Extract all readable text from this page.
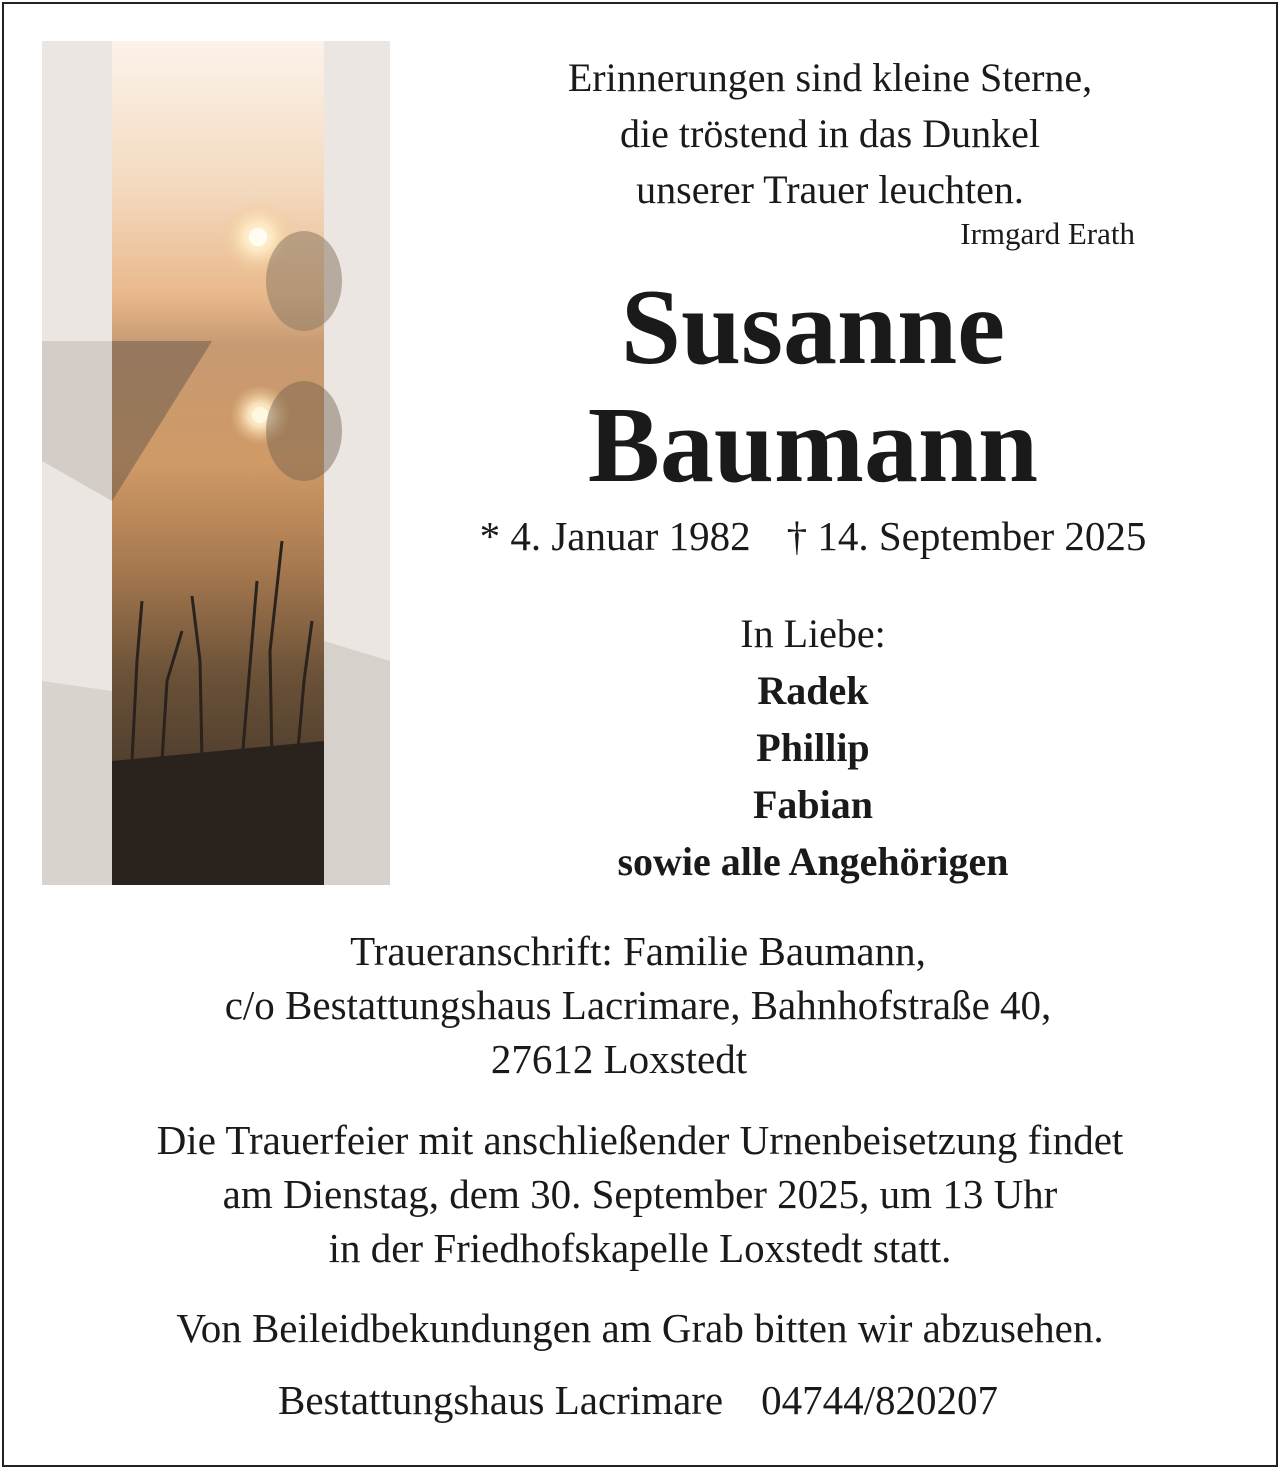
Erinnerungen sind kleine Sterne,
die tröstend in das Dunkel
unserer Trauer leuchten.
Irmgard Erath
Susanne
Baumann
* 4. Januar 1982 † 14. September 2025
In Liebe:
Radek
Phillip
Fabian
sowie alle Angehörigen
Traueranschrift: Familie Baumann,
c/o Bestattungshaus Lacrimare, Bahnhofstraße 40,
27612 Loxstedt
Die Trauerfeier mit anschließender Urnenbeisetzung findet
am Dienstag, dem 30. September 2025, um 13 Uhr
in der Friedhofskapelle Loxstedt statt.
Von Beileidbekundungen am Grab bitten wir abzusehen.
Bestattungshaus Lacrimare 04744/820207
